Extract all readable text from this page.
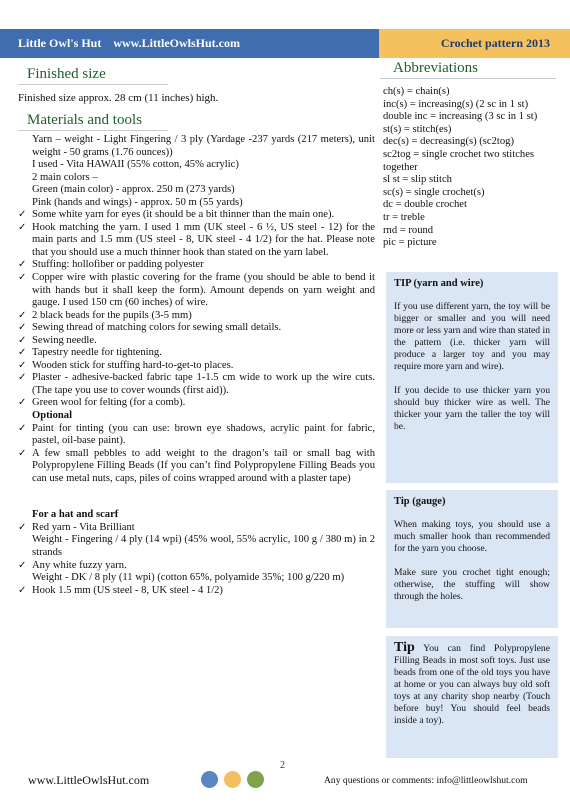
Little Owl's Hut
www.LittleOwlsHut.com	Crochet pattern 2013
Finished size

Finished size approx. 28 cm (11 inches) high.

Materials and tools
Yarn – weight - Light Fingering / 3 ply (Yardage -237 yards (217 meters), unit weight - 50 grams (1.76 ounces))
I used - Vita HAWAII (55% cotton, 45% acrylic)
2 main colors –
Green (main color) - approx. 250 m (273 yards)
Pink (hands and wings) - approx. 50 m (55 yards)
✓ Some white yarn for eyes (it should be a bit thinner than the main one).
✓ Hook matching the yarn. I used 1 mm (UK steel - 6 ½, US steel - 12) for the main parts and 1.5 mm (US steel - 8, UK steel - 4 1/2) for the hat. Please note that you should use a much thinner hook than stated on the yarn label.
✓ Stuffing: hollofiber or padding polyester
✓ Copper wire with plastic covering for the frame (you should be able to bend it with hands but it shall keep the form). Amount depends on yarn weight and gauge. I used 150 cm (60 inches) of wire.
✓ 2 black beads for the pupils (3-5 mm)
✓ Sewing thread of matching colors for sewing small details.
✓ Sewing needle.
✓ Tapestry needle for tightening.
✓ Wooden stick for stuffing hard-to-get-to places.
✓ Plaster - adhesive-backed fabric tape 1-1.5 cm wide to work up the wire cuts. (The tape you use to cover wounds (first aid)).
✓ Green wool for felting (for a comb).
Optional
✓ Paint for tinting (you can use: brown eye shadows, acrylic paint for fabric, pastel, oil-base paint).
✓ A few small pebbles to add weight to the dragon’s tail or small bag with Polypropylene Filling Beads (If you can’t find Polypropylene Filling Beads you can use metal nuts, caps, piles of coins wrapped around with a plaster tape)
For a hat and scarf
✓ Red yarn - Vita Brilliant
Weight - Fingering / 4 ply (14 wpi) (45% wool, 55% acrylic, 100 g / 380 m) in 2 strands
✓ Any white fuzzy yarn.
Weight - DK / 8 ply (11 wpi) (cotton 65%, polyamide 35%; 100 g/220 m)
✓ Hook 1.5 mm (US steel - 8, UK steel - 4 1/2)
Abbreviations
ch(s) = chain(s)
inc(s) = increasing(s) (2 sc in 1 st)
double inc = increasing (3 sc in 1 st)
st(s) = stitch(es)
dec(s) = decreasing(s) (sc2tog)
sc2tog = single crochet two stitches
together
sl st = slip stitch
sc(s) = single crochet(s)
dc = double crochet
tr = treble
rnd = round
pic = picture

TIP (yarn and wire)

If you use different yarn, the toy will be bigger or smaller and you will need more or less yarn and wire than stated in the pattern (i.e. thicker yarn will produce a larger toy and you may require more yarn and wire).

If you decide to use thicker yarn you should buy thicker wire as well. The thicker your yarn the taller the toy will be.

Tip (gauge)

When making toys, you should use a much smaller hook than recommended for the yarn you choose.

Make sure you crochet tight enough; otherwise, the stuffing will show through the holes.

Tip You can find Polypropylene Filling Beads in most soft toys. Just use beads from one of the old toys you have at home or you can always buy old soft toys at any charity shop nearby (Touch before buy! You should feel beads inside a toy).

2
www.LittleOwlsHut.com	Any questions or comments: info@littleowlshut.com
